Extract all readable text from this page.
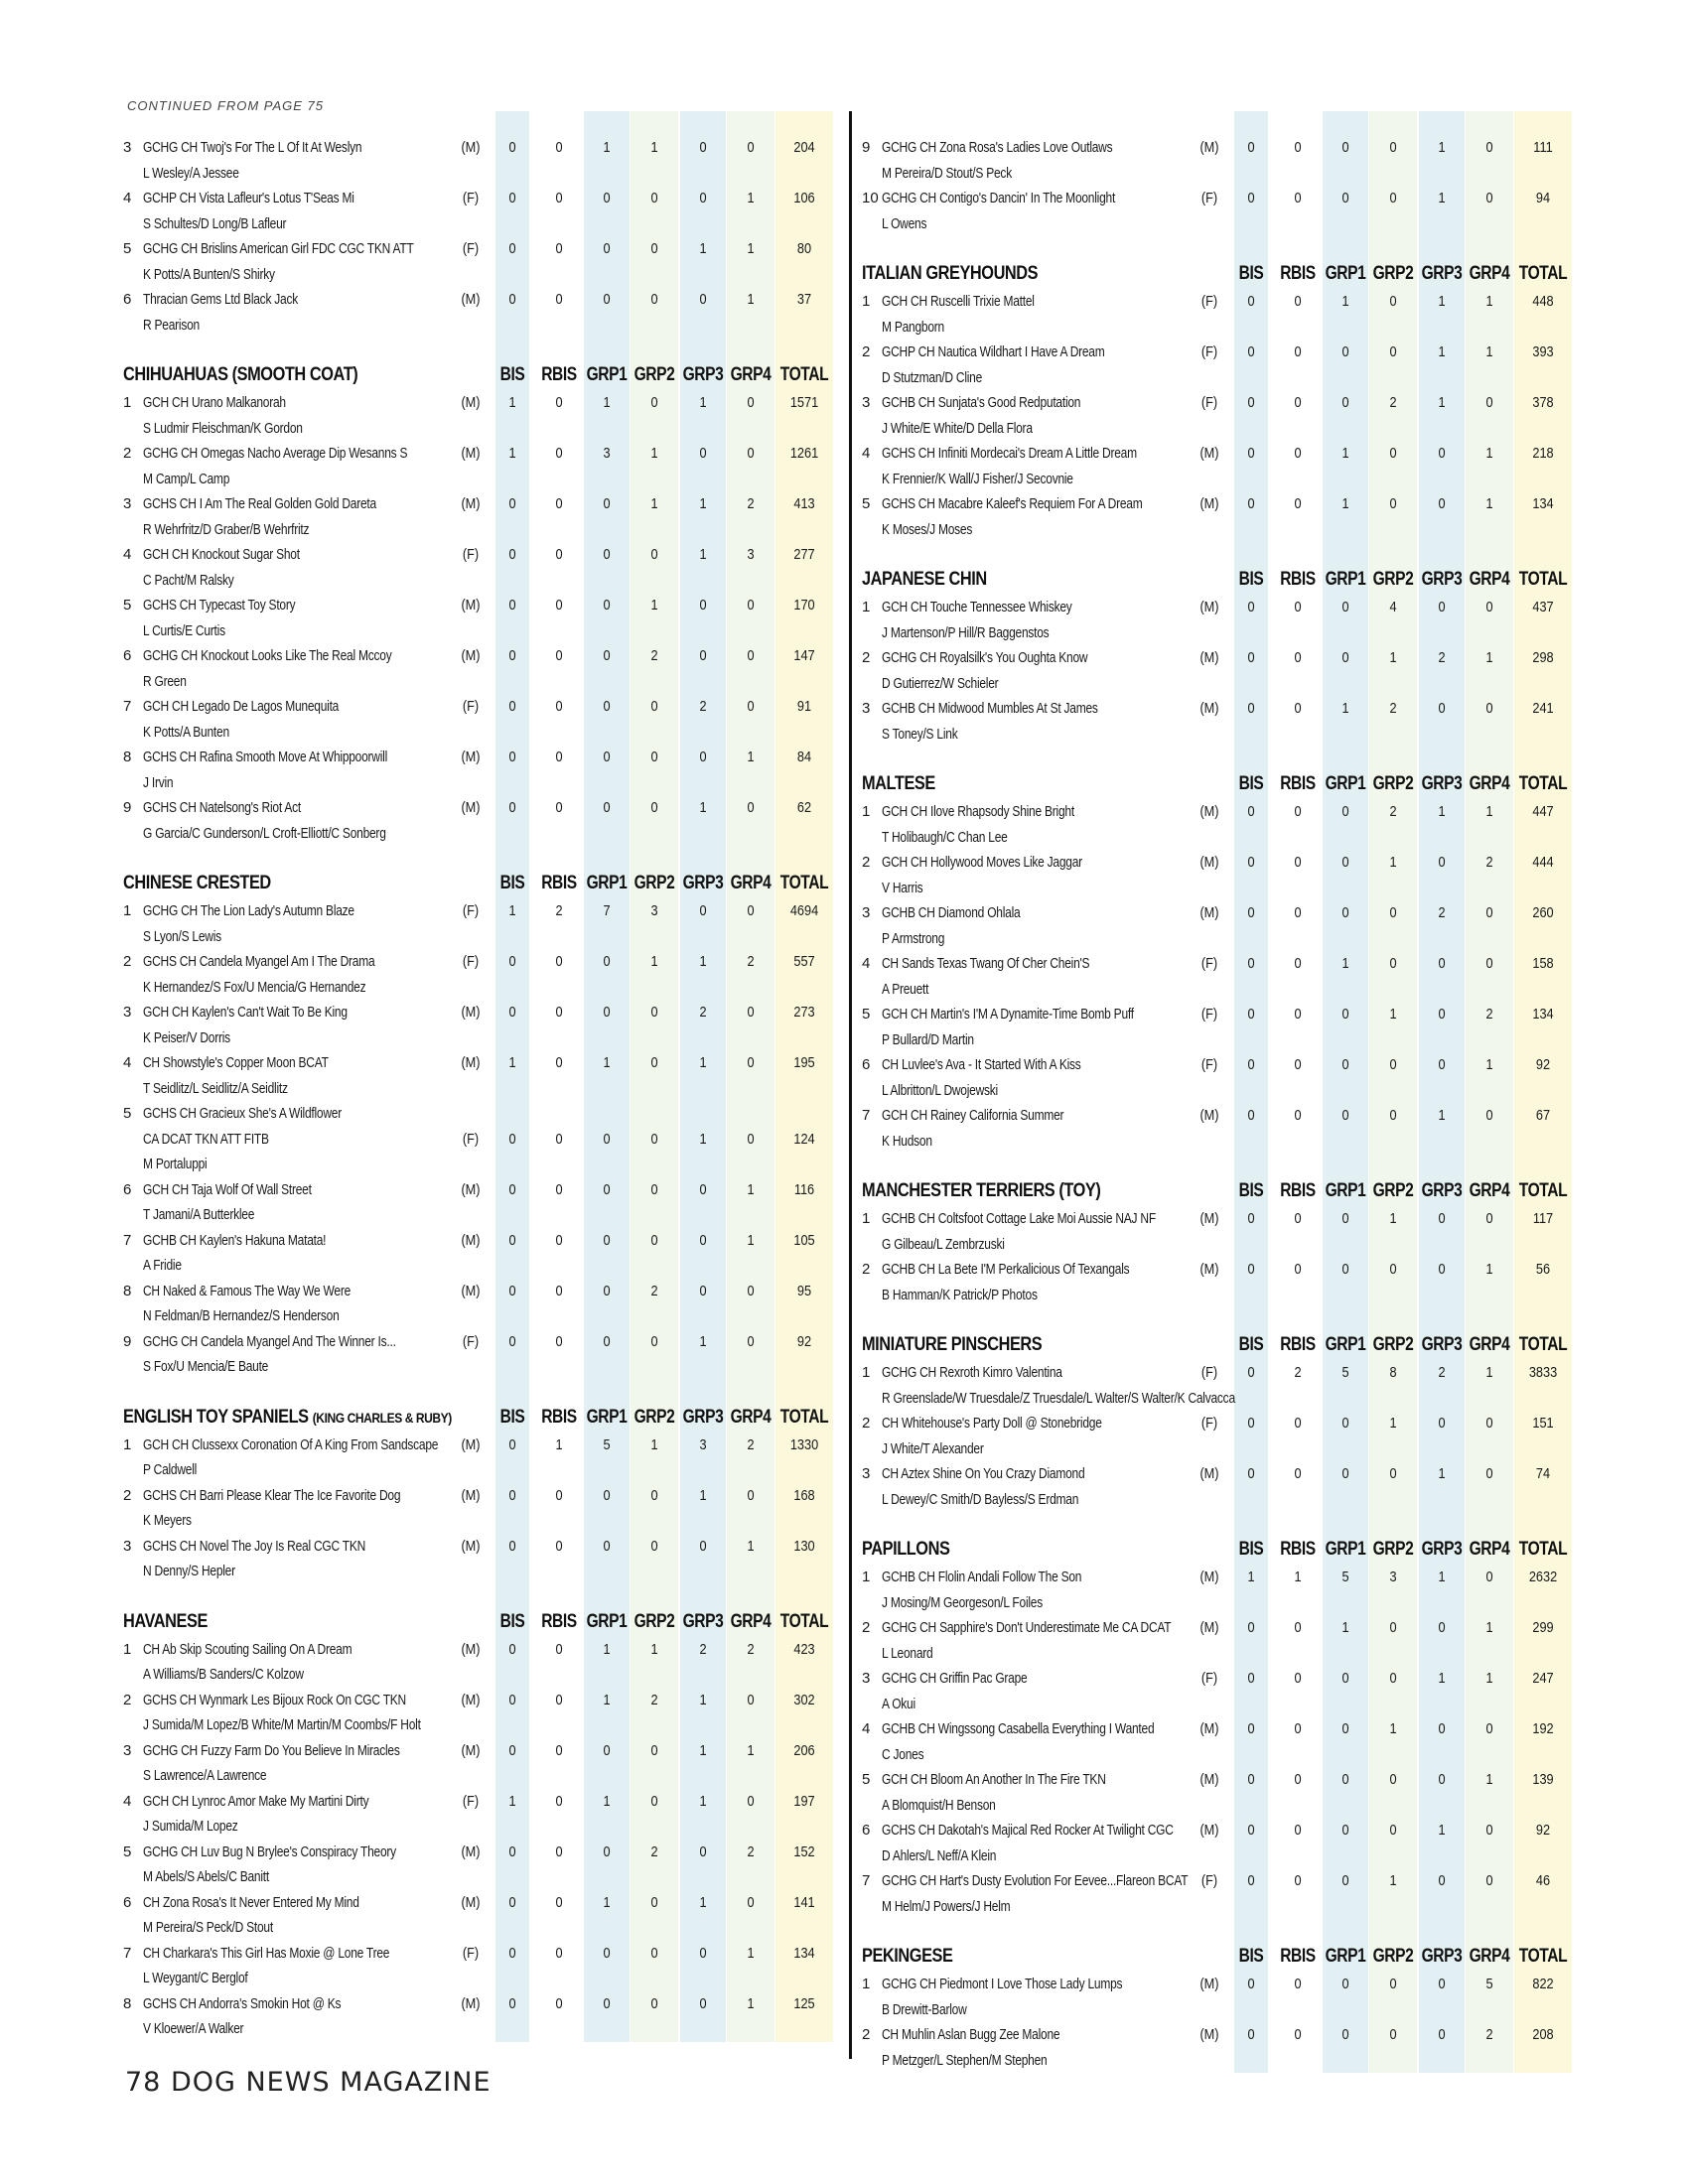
CONTINUED FROM PAGE 75
3 GCHG CH Twoj's For The L Of It At Weslyn	(M)	0	0	1	1	0	0	204
L Wesley/A Jessee
4 GCHP CH Vista Lafleur's Lotus T'Seas Mi	(F)	0	0	0	0	0	1	106
S Schultes/D Long/B Lafleur
5 GCHG CH Brislins American Girl FDC CGC TKN ATT	(F)	0	0	0	0	1	1	80
K Potts/A Bunten/S Shirky
6 Thracian Gems Ltd Black Jack	(M)	0	0	0	0	0	1	37
R Pearison
CHIHUAHUAS (SMOOTH COAT)	BIS RBIS GRP1 GRP2 GRP3 GRP4 TOTAL
1 GCH CH Urano Malkanorah	(M)	1	0	1	0	1	0	1571
S Ludmir Fleischman/K Gordon
2 GCHG CH Omegas Nacho Average Dip Wesanns S	(M)	1	0	3	1	0	0	1261
M Camp/L Camp
3 GCHS CH I Am The Real Golden Gold Dareta	(M)	0	0	0	1	1	2	413
R Wehrfritz/D Graber/B Wehrfritz
4 GCH CH Knockout Sugar Shot	(F)	0	0	0	0	1	3	277
C Pacht/M Ralsky
5 GCHS CH Typecast Toy Story	(M)	0	0	0	1	0	0	170
L Curtis/E Curtis
6 GCHG CH Knockout Looks Like The Real Mccoy	(M)	0	0	0	2	0	0	147
R Green
7 GCH CH Legado De Lagos Munequita	(F)	0	0	0	0	2	0	91
K Potts/A Bunten
8 GCHS CH Rafina Smooth Move At Whippoorwill	(M)	0	0	0	0	0	1	84
J Irvin
9 GCHS CH Natelsong's Riot Act	(M)	0	0	0	0	1	0	62
G Garcia/C Gunderson/L Croft-Elliott/C Sonberg
CHINESE CRESTED	BIS RBIS GRP1 GRP2 GRP3 GRP4 TOTAL
1 GCHG CH The Lion Lady's Autumn Blaze	(F)	1	2	7	3	0	0	4694
S Lyon/S Lewis
2 GCHS CH Candela Myangel Am I The Drama	(F)	0	0	0	1	1	2	557
K Hernandez/S Fox/U Mencia/G Hernandez
3 GCH CH Kaylen's Can't Wait To Be King	(M)	0	0	0	0	2	0	273
K Peiser/V Dorris
4 CH Showstyle's Copper Moon BCAT	(M)	1	0	1	0	1	0	195
T Seidlitz/L Seidlitz/A Seidlitz
5 GCHS CH Gracieux She's A Wildflower
CA DCAT TKN ATT FITB	(F)	0	0	0	0	1	0	124
M Portaluppi
6 GCH CH Taja Wolf Of Wall Street	(M)	0	0	0	0	0	1	116
T Jamani/A Butterklee
7 GCHB CH Kaylen's Hakuna Matata!	(M)	0	0	0	0	0	1	105
A Fridie
8 CH Naked & Famous The Way We Were	(M)	0	0	0	2	0	0	95
N Feldman/B Hernandez/S Henderson
9 GCHG CH Candela Myangel And The Winner Is...	(F)	0	0	0	0	1	0	92
S Fox/U Mencia/E Baute
ENGLISH TOY SPANIELS (KING CHARLES & RUBY)	BIS RBIS GRP1 GRP2 GRP3 GRP4 TOTAL
1 GCH CH Clussexx Coronation Of A King From Sandscape (M)	0	1	5	1	3	2	1330
P Caldwell
2 GCHS CH Barri Please Klear The Ice Favorite Dog	(M)	0	0	0	0	1	0	168
K Meyers
3 GCHS CH Novel The Joy Is Real CGC TKN	(M)	0	0	0	0	0	1	130
N Denny/S Hepler
HAVANESE	BIS RBIS GRP1 GRP2 GRP3 GRP4 TOTAL
1 CH Ab Skip Scouting Sailing On A Dream	(M)	0	0	1	1	2	2	423
A Williams/B Sanders/C Kolzow
2 GCHS CH Wynmark Les Bijoux Rock On CGC TKN	(M)	0	0	1	2	1	0	302
J Sumida/M Lopez/B White/M Martin/M Coombs/F Holt
3 GCHG CH Fuzzy Farm Do You Believe In Miracles	(M)	0	0	0	0	1	1	206
S Lawrence/A Lawrence
4 GCH CH Lynroc Amor Make My Martini Dirty	(F)	1	0	1	0	1	0	197
J Sumida/M Lopez
5 GCHG CH Luv Bug N Brylee's Conspiracy Theory	(M)	0	0	0	2	0	2	152
M Abels/S Abels/C Banitt
6 CH Zona Rosa's It Never Entered My Mind	(M)	0	0	1	0	1	0	141
M Pereira/S Peck/D Stout
7 CH Charkara's This Girl Has Moxie @ Lone Tree	(F)	0	0	0	0	0	1	134
L Weygant/C Berglof
8 GCHS CH Andorra's Smokin Hot @ Ks	(M)	0	0	0	0	0	1	125
V Kloewer/A Walker
9 GCHG CH Zona Rosa's Ladies Love Outlaws	(M)	0	0	0	0	1	0	111
M Pereira/D Stout/S Peck
10 GCHG CH Contigo's Dancin' In The Moonlight	(F)	0	0	0	0	1	0	94
L Owens
ITALIAN GREYHOUNDS	BIS RBIS GRP1 GRP2 GRP3 GRP4 TOTAL
1 GCH CH Ruscelli Trixie Mattel	(F)	0	0	1	0	1	1	448
M Pangborn
2 GCHP CH Nautica Wildhart I Have A Dream	(F)	0	0	0	0	1	1	393
D Stutzman/D Cline
3 GCHB CH Sunjata's Good Redputation	(F)	0	0	0	2	1	0	378
J White/E White/D Della Flora
4 GCHS CH Infiniti Mordecai's Dream A Little Dream	(M)	0	0	1	0	0	1	218
K Frennier/K Wall/J Fisher/J Secovnie
5 GCHS CH Macabre Kaleef's Requiem For A Dream	(M)	0	0	1	0	0	1	134
K Moses/J Moses
JAPANESE CHIN	BIS RBIS GRP1 GRP2 GRP3 GRP4 TOTAL
1 GCH CH Touche Tennessee Whiskey	(M)	0	0	0	4	0	0	437
J Martenson/P Hill/R Baggenstos
2 GCHG CH Royalsilk's You Oughta Know	(M)	0	0	0	1	2	1	298
D Gutierrez/W Schieler
3 GCHB CH Midwood Mumbles At St James	(M)	0	0	1	2	0	0	241
S Toney/S Link
MALTESE	BIS RBIS GRP1 GRP2 GRP3 GRP4 TOTAL
1 GCH CH Ilove Rhapsody Shine Bright	(M)	0	0	0	2	1	1	447
T Holibaugh/C Chan Lee
2 GCH CH Hollywood Moves Like Jaggar	(M)	0	0	0	1	0	2	444
V Harris
3 GCHB CH Diamond Ohlala	(M)	0	0	0	0	2	0	260
P Armstrong
4 CH Sands Texas Twang Of Cher Chein'S	(F)	0	0	1	0	0	0	158
A Preuett
5 GCH CH Martin's I'M A Dynamite-Time Bomb Puff	(F)	0	0	0	1	0	2	134
P Bullard/D Martin
6 CH Luvlee's Ava - It Started With A Kiss	(F)	0	0	0	0	0	1	92
L Albritton/L Dwojewski
7 GCH CH Rainey California Summer	(M)	0	0	0	0	1	0	67
K Hudson
MANCHESTER TERRIERS (TOY)	BIS RBIS GRP1 GRP2 GRP3 GRP4 TOTAL
1 GCHB CH Coltsfoot Cottage Lake Moi Aussie NAJ NF	(M)	0	0	0	1	0	0	117
G Gilbeau/L Zembrzuski
2 GCHB CH La Bete I'M Perkalicious Of Texangals	(M)	0	0	0	0	0	1	56
B Hamman/K Patrick/P Photos
MINIATURE PINSCHERS	BIS RBIS GRP1 GRP2 GRP3 GRP4 TOTAL
1 GCHG CH Rexroth Kimro Valentina	(F)	0	2	5	8	2	1	3833
R Greenslade/W Truesdale/Z Truesdale/L Walter/S Walter/K Calvacca
2 CH Whitehouse's Party Doll @ Stonebridge	(F)	0	0	0	1	0	0	151
J White/T Alexander
3 CH Aztex Shine On You Crazy Diamond	(M)	0	0	0	0	1	0	74
L Dewey/C Smith/D Bayless/S Erdman
PAPILLONS	BIS RBIS GRP1 GRP2 GRP3 GRP4 TOTAL
1 GCHB CH Flolin Andali Follow The Son	(M)	1	1	5	3	1	0	2632
J Mosing/M Georgeson/L Foiles
2 GCHG CH Sapphire's Don't Underestimate Me CA DCAT (M)	0	0	1	0	0	1	299
L Leonard
3 GCHG CH Griffin Pac Grape	(F)	0	0	0	0	1	1	247
A Okui
4 GCHB CH Wingssong Casabella Everything I Wanted	(M)	0	0	0	1	0	0	192
C Jones
5 GCH CH Bloom An Another In The Fire TKN	(M)	0	0	0	0	0	1	139
A Blomquist/H Benson
6 GCHS CH Dakotah's Majical Red Rocker At Twilight CGC (M)	0	0	0	0	1	0	92
D Ahlers/L Neff/A Klein
7 GCHG CH Hart's Dusty Evolution For Eevee...Flareon BCAT (F)	0	0	0	1	0	0	46
M Helm/J Powers/J Helm
PEKINGESE	BIS RBIS GRP1 GRP2 GRP3 GRP4 TOTAL
1 GCHG CH Piedmont I Love Those Lady Lumps	(M)	0	0	0	0	0	5	822
B Drewitt-Barlow
2 CH Muhlin Aslan Bugg Zee Malone	(M)	0	0	0	0	0	2	208
P Metzger/L Stephen/M Stephen
78 DOG NEWS MAGAZINE
